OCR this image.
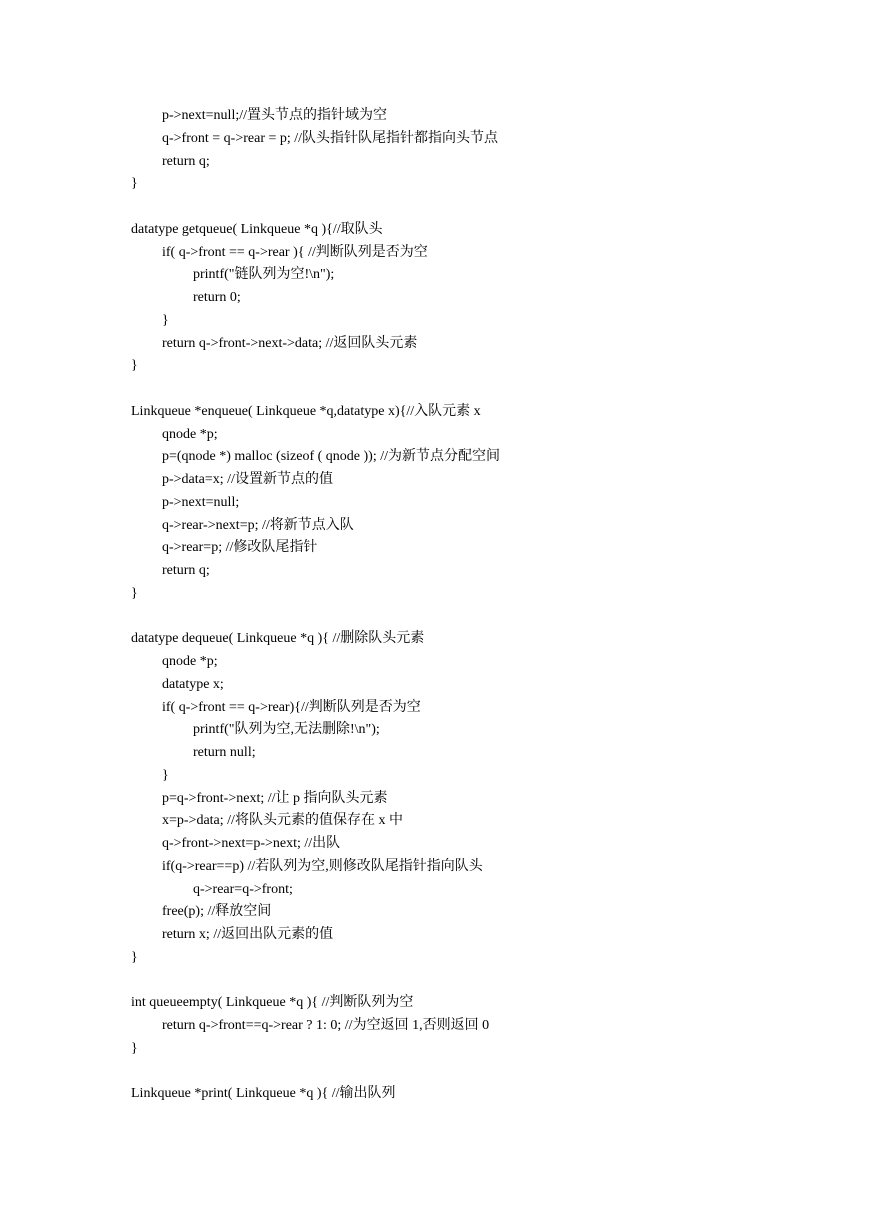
p->next=null;//置头节点的指针域为空
q->front = q->rear = p; //队头指针队尾指针都指向头节点
return q;
}
datatype getqueue( Linkqueue *q ){//取队头
if( q->front == q->rear ){ //判断队列是否为空
printf("链队列为空!\n");
return 0;
}
return q->front->next->data; //返回队头元素
}
Linkqueue *enqueue( Linkqueue *q,datatype x){//入队元素 x
qnode *p;
p=(qnode *) malloc (sizeof ( qnode )); //为新节点分配空间
p->data=x; //设置新节点的值
p->next=null;
q->rear->next=p; //将新节点入队
q->rear=p; //修改队尾指针
return q;
}
datatype dequeue( Linkqueue *q ){ //删除队头元素
qnode *p;
datatype x;
if( q->front == q->rear){//判断队列是否为空
printf("队列为空,无法删除!\n");
return null;
}
p=q->front->next; //让 p 指向队头元素
x=p->data; //将队头元素的值保存在 x 中
q->front->next=p->next; //出队
if(q->rear==p) //若队列为空,则修改队尾指针指向队头
q->rear=q->front;
free(p); //释放空间
return x; //返回出队元素的值
}
int queueempty( Linkqueue *q ){ //判断队列为空
return q->front==q->rear ? 1: 0; //为空返回 1,否则返回 0
}
Linkqueue *print( Linkqueue *q ){ //输出队列
